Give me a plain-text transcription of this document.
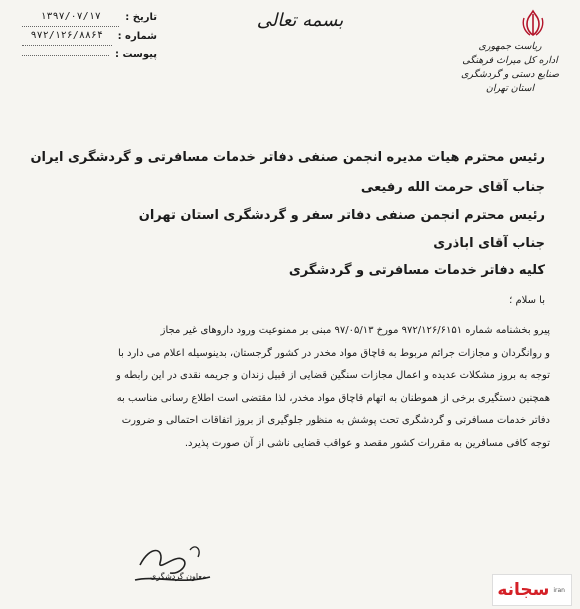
تاریخ :
۱۳۹۷/۰۷/۱۷
شماره :
۹۷۲/۱۲۶/۸۸۶۴
پیوست :
بسمه تعالی
ریاست جمهوری
اداره کل میراث فرهنگی
صنایع دستی و گردشگری
استان تهران
رئیس محترم هیات مدیره انجمن صنفی دفاتر خدمات مسافرتی و گردشگری ایران
جناب آقای حرمت الله رفیعی
رئیس محترم انجمن صنفی دفاتر سفر و گردشگری استان تهران
جناب آقای اباذری
کلیه دفاتر خدمات مسافرتی و گردشگری
با سلام ؛
پیرو بخشنامه شماره ۹۷۲/۱۲۶/۶۱۵۱ مورخ ۹۷/۰۵/۱۳ مبنی بر ممنوعیت ورود داروهای غیر مجاز
و روانگردان و مجازات جرائم مربوط به قاچاق مواد مخدر در کشور گرجستان، بدینوسیله اعلام می دارد با
توجه به بروز مشکلات عدیده و اعمال مجازات سنگین قضایی از قبیل زندان و جریمه نقدی در این رابطه و
همچنین دستگیری برخی از هموطنان به اتهام قاچاق مواد مخدر، لذا مقتضی است اطلاع رسانی مناسب به
دفاتر خدمات مسافرتی و گردشگری تحت پوشش به منظور جلوگیری از بروز اتفاقات احتمالی و ضرورت
توجه کافی مسافرین به مقررات کشور مقصد و عواقب قضایی ناشی از آن صورت پذیرد.
معاون گردشگری
iran
سجانه
